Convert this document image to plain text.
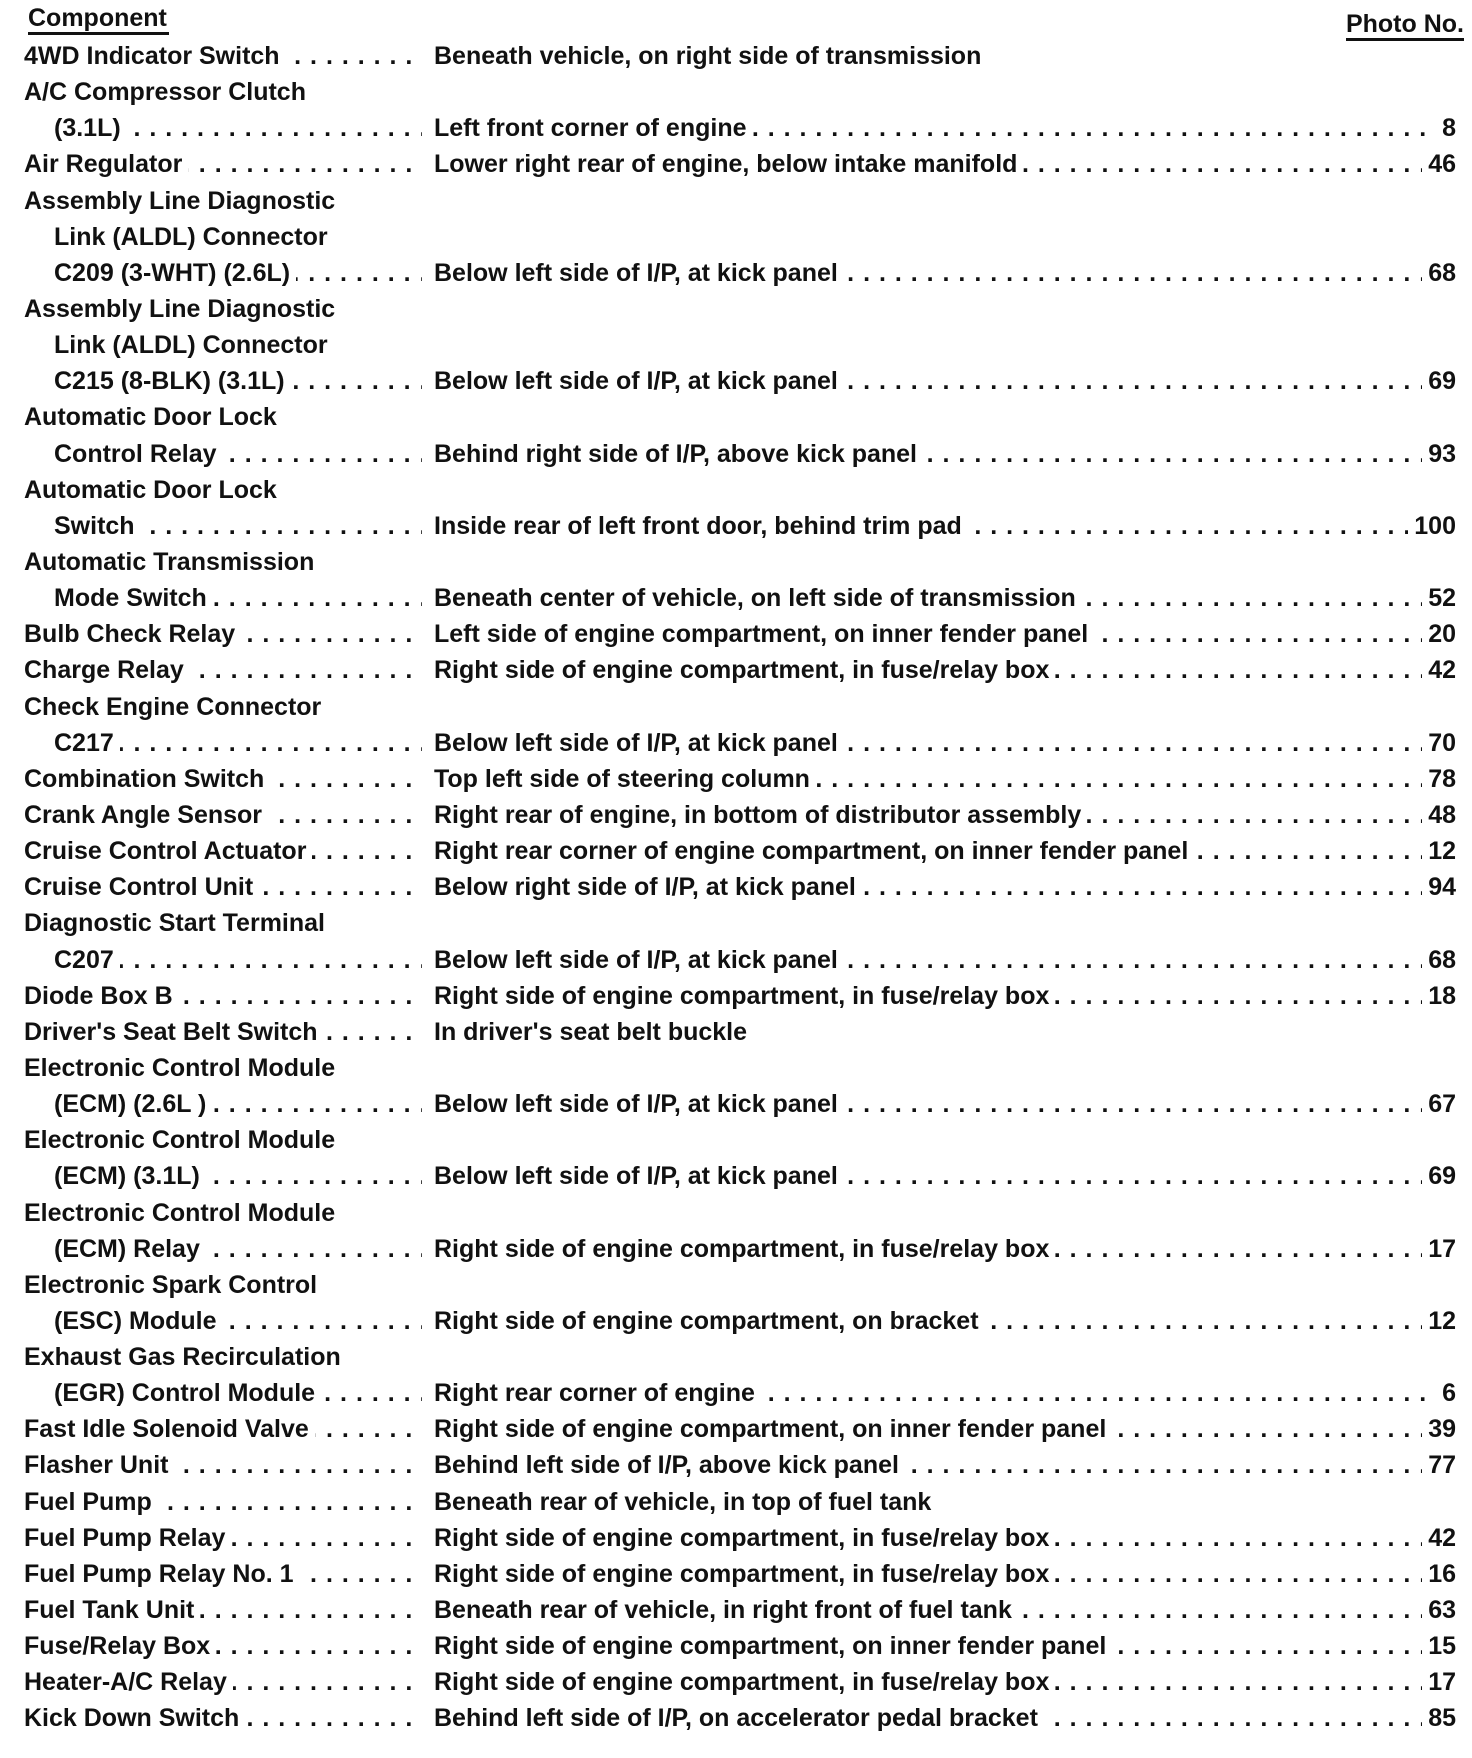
Component	Photo No.
4WD Indicator Switch . . .	Beneath vehicle, on right side of transmission
A/C Compressor Clutch
(3.1L) . . .	Left front corner of engine . . .	8
Air Regulator . . .	Lower right rear of engine, below intake manifold . . .	46
Assembly Line Diagnostic
Link (ALDL) Connector
C209 (3-WHT) (2.6L) . . .	Below left side of I/P, at kick panel . . .	68
Assembly Line Diagnostic
Link (ALDL) Connector
C215 (8-BLK) (3.1L) . . .	Below left side of I/P, at kick panel . . .	69
Automatic Door Lock
Control Relay . . .	Behind right side of I/P, above kick panel . . .	93
Automatic Door Lock
Switch . . .	Inside rear of left front door, behind trim pad . . .	100
Automatic Transmission
Mode Switch . . .	Beneath center of vehicle, on left side of transmission . . .	52
Bulb Check Relay . . .	Left side of engine compartment, on inner fender panel . . .	20
Charge Relay . . .	Right side of engine compartment, in fuse/relay box . . .	42
Check Engine Connector
C217 . . .	Below left side of I/P, at kick panel . . .	70
Combination Switch . . .	Top left side of steering column . . .	78
Crank Angle Sensor . . .	Right rear of engine, in bottom of distributor assembly . . .	48
Cruise Control Actuator . . .	Right rear corner of engine compartment, on inner fender panel . . .	12
Cruise Control Unit . . .	Below right side of I/P, at kick panel . . .	94
Diagnostic Start Terminal
C207 . . .	Below left side of I/P, at kick panel . . .	68
Diode Box B . . .	Right side of engine compartment, in fuse/relay box . . .	18
Driver's Seat Belt Switch . . .	In driver's seat belt buckle
Electronic Control Module
(ECM) (2.6L ) . . .	Below left side of I/P, at kick panel . . .	67
Electronic Control Module
(ECM) (3.1L) . . .	Below left side of I/P, at kick panel . . .	69
Electronic Control Module
(ECM) Relay . . .	Right side of engine compartment, in fuse/relay box . . .	17
Electronic Spark Control
(ESC) Module . . .	Right side of engine compartment, on bracket . . .	12
Exhaust Gas Recirculation
(EGR) Control Module . . .	Right rear corner of engine . . .	6
Fast Idle Solenoid Valve . . .	Right side of engine compartment, on inner fender panel . . .	39
Flasher Unit . . .	Behind left side of I/P, above kick panel . . .	77
Fuel Pump . . .	Beneath rear of vehicle, in top of fuel tank
Fuel Pump Relay . . .	Right side of engine compartment, in fuse/relay box . . .	42
Fuel Pump Relay No. 1 . . .	Right side of engine compartment, in fuse/relay box . . .	16
Fuel Tank Unit . . .	Beneath rear of vehicle, in right front of fuel tank . . .	63
Fuse/Relay Box . . .	Right side of engine compartment, on inner fender panel . . .	15
Heater-A/C Relay . . .	Right side of engine compartment, in fuse/relay box . . .	17
Kick Down Switch . . .	Behind left side of I/P, on accelerator pedal bracket . . .	85
